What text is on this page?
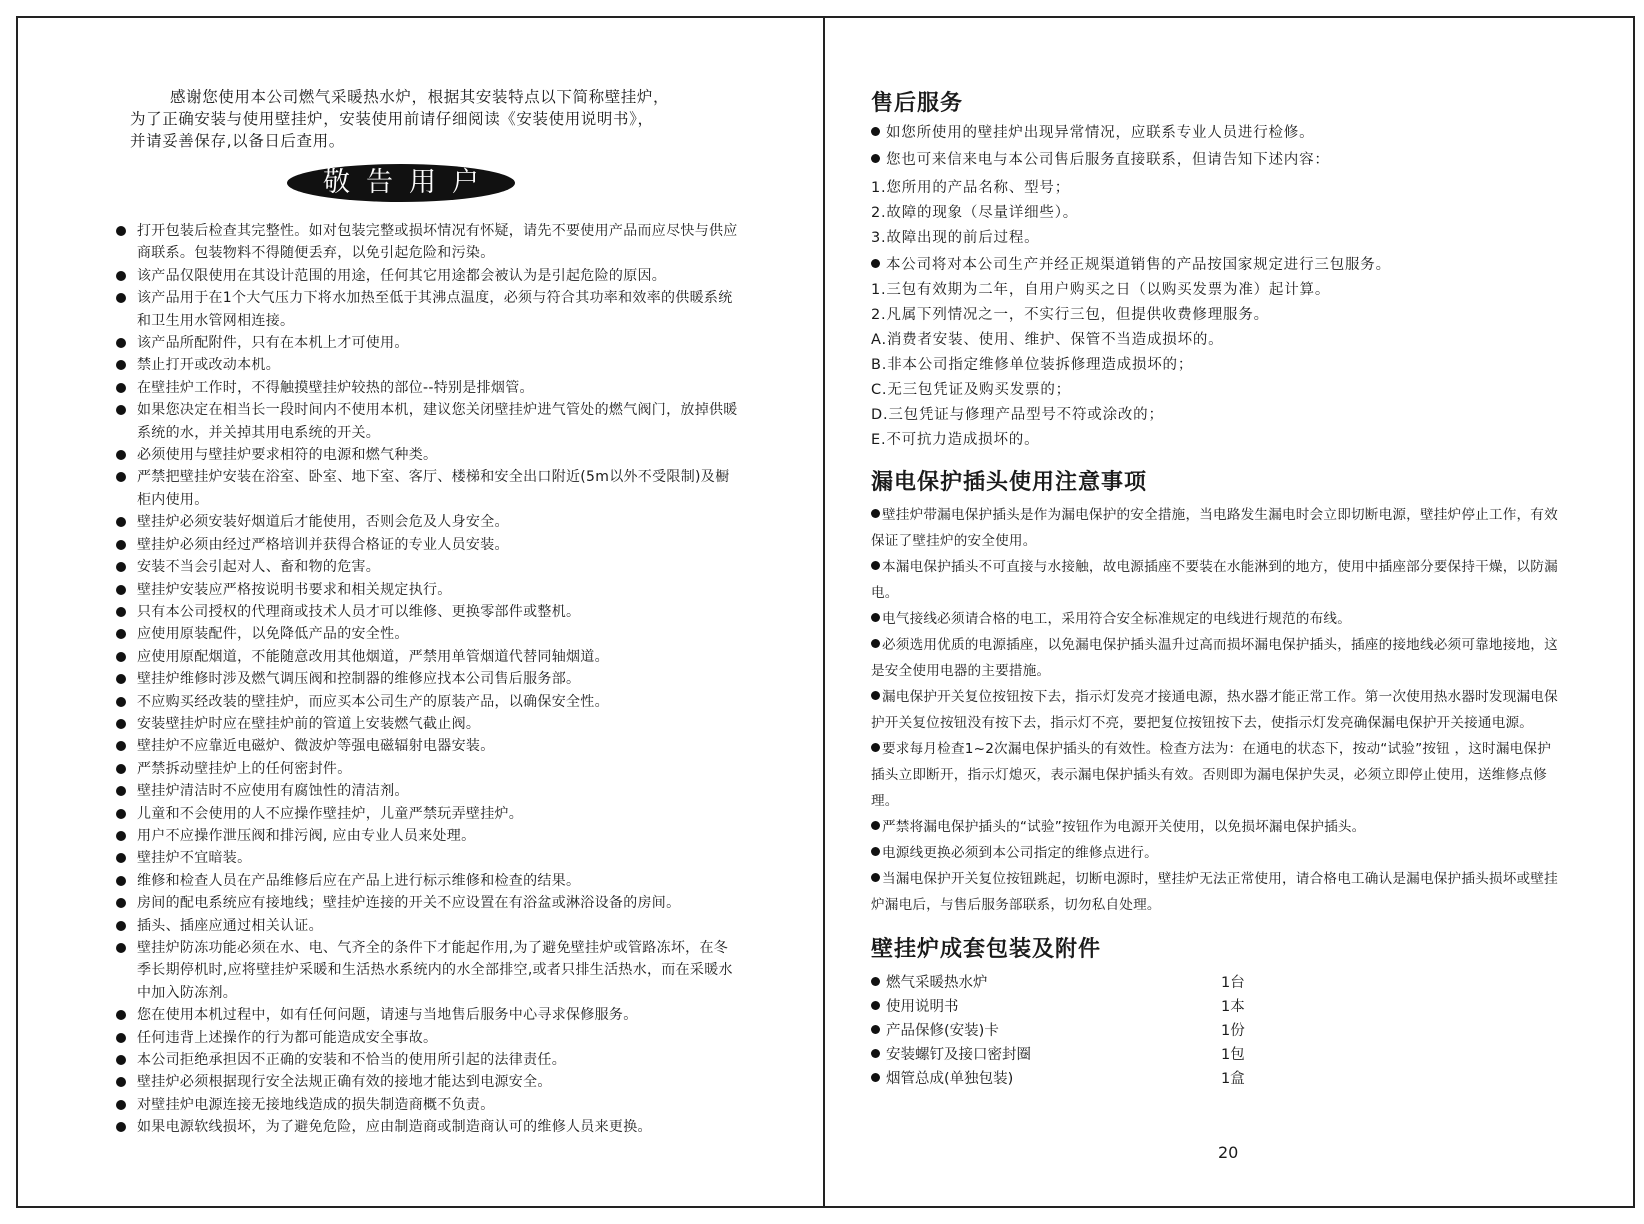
感谢您使用本公司燃气采暖热水炉，根据其安装特点以下简称壁挂炉，

为了正确安装与使用壁挂炉，安装使用前请仔细阅读《安装使用说明书》，

并请妥善保存,以备日后查用。

敬告用户
打开包装后检查其完整性。如对包装完整或损坏情况有怀疑，请先不要使用产品而应尽快与供应商联系。包装物料不得随便丢弃，以免引起危险和污染。
该产品仅限使用在其设计范围的用途，任何其它用途都会被认为是引起危险的原因。
该产品用于在1个大气压力下将水加热至低于其沸点温度，必须与符合其功率和效率的供暖系统和卫生用水管网相连接。
该产品所配附件，只有在本机上才可使用。
禁止打开或改动本机。
在壁挂炉工作时，不得触摸壁挂炉较热的部位--特别是排烟管。
如果您决定在相当长一段时间内不使用本机，建议您关闭壁挂炉进气管处的燃气阀门，放掉供暖系统的水，并关掉其用电系统的开关。
必须使用与壁挂炉要求相符的电源和燃气种类。
严禁把壁挂炉安装在浴室、卧室、地下室、客厅、楼梯和安全出口附近(5m以外不受限制)及橱柜内使用。
壁挂炉必须安装好烟道后才能使用，否则会危及人身安全。
壁挂炉必须由经过严格培训并获得合格证的专业人员安装。
安装不当会引起对人、畜和物的危害。
壁挂炉安装应严格按说明书要求和相关规定执行。
只有本公司授权的代理商或技术人员才可以维修、更换零部件或整机。
应使用原装配件，以免降低产品的安全性。
应使用原配烟道，不能随意改用其他烟道，严禁用单管烟道代替同轴烟道。
壁挂炉维修时涉及燃气调压阀和控制器的维修应找本公司售后服务部。
不应购买经改装的壁挂炉，而应买本公司生产的原装产品，以确保安全性。
安装壁挂炉时应在壁挂炉前的管道上安装燃气截止阀。
壁挂炉不应靠近电磁炉、微波炉等强电磁辐射电器安装。
严禁拆动壁挂炉上的任何密封件。
壁挂炉清洁时不应使用有腐蚀性的清洁剂。
儿童和不会使用的人不应操作壁挂炉，儿童严禁玩弄壁挂炉。
用户不应操作泄压阀和排污阀, 应由专业人员来处理。
壁挂炉不宜暗装。
维修和检查人员在产品维修后应在产品上进行标示维修和检查的结果。
房间的配电系统应有接地线；壁挂炉连接的开关不应设置在有浴盆或淋浴设备的房间。
插头、插座应通过相关认证。
壁挂炉防冻功能必须在水、电、气齐全的条件下才能起作用,为了避免壁挂炉或管路冻坏，在冬季长期停机时,应将壁挂炉采暖和生活热水系统内的水全部排空,或者只排生活热水，而在采暖水中加入防冻剂。
您在使用本机过程中，如有任何问题，请速与当地售后服务中心寻求保修服务。
任何违背上述操作的行为都可能造成安全事故。
本公司拒绝承担因不正确的安装和不恰当的使用所引起的法律责任。
壁挂炉必须根据现行安全法规正确有效的接地才能达到电源安全。
对壁挂炉电源连接无接地线造成的损失制造商概不负责。
如果电源软线损坏，为了避免危险，应由制造商或制造商认可的维修人员来更换。
售后服务

如您所使用的壁挂炉出现异常情况，应联系专业人员进行检修。

您也可来信来电与本公司售后服务直接联系，但请告知下述内容：

1.您所用的产品名称、型号；

2.故障的现象（尽量详细些）。

3.故障出现的前后过程。

本公司将对本公司生产并经正规渠道销售的产品按国家规定进行三包服务。

1.三包有效期为二年，自用户购买之日（以购买发票为准）起计算。

2.凡属下列情况之一，不实行三包，但提供收费修理服务。

A.消费者安装、使用、维护、保管不当造成损坏的。

B.非本公司指定维修单位装拆修理造成损坏的；

C.无三包凭证及购买发票的；

D.三包凭证与修理产品型号不符或涂改的；

E.不可抗力造成损坏的。

漏电保护插头使用注意事项

壁挂炉带漏电保护插头是作为漏电保护的安全措施，当电路发生漏电时会立即切断电源，壁挂炉停止工作，有效保证了壁挂炉的安全使用。

本漏电保护插头不可直接与水接触，故电源插座不要装在水能淋到的地方，使用中插座部分要保持干燥，以防漏电。

电气接线必须请合格的电工，采用符合安全标准规定的电线进行规范的布线。

必须选用优质的电源插座，以免漏电保护插头温升过高而损坏漏电保护插头，插座的接地线必须可靠地接地，这是安全使用电器的主要措施。

漏电保护开关复位按钮按下去，指示灯发亮才接通电源，热水器才能正常工作。第一次使用热水器时发现漏电保护开关复位按钮没有按下去，指示灯不亮，要把复位按钮按下去，使指示灯发亮确保漏电保护开关接通电源。

要求每月检查1~2次漏电保护插头的有效性。检查方法为：在通电的状态下，按动“试验”按钮 ，这时漏电保护插头立即断开，指示灯熄灭，表示漏电保护插头有效。否则即为漏电保护失灵，必须立即停止使用，送维修点修理。

严禁将漏电保护插头的“试验”按钮作为电源开关使用，以免损坏漏电保护插头。

电源线更换必须到本公司指定的维修点进行。

当漏电保护开关复位按钮跳起，切断电源时，壁挂炉无法正常使用，请合格电工确认是漏电保护插头损坏或壁挂炉漏电后，与售后服务部联系，切勿私自处理。

壁挂炉成套包装及附件
燃气采暖热水炉	1台
使用说明书	1本
产品保修(安装)卡	1份
安装螺钉及接口密封圈	1包
烟管总成(单独包装)	1盒
20
